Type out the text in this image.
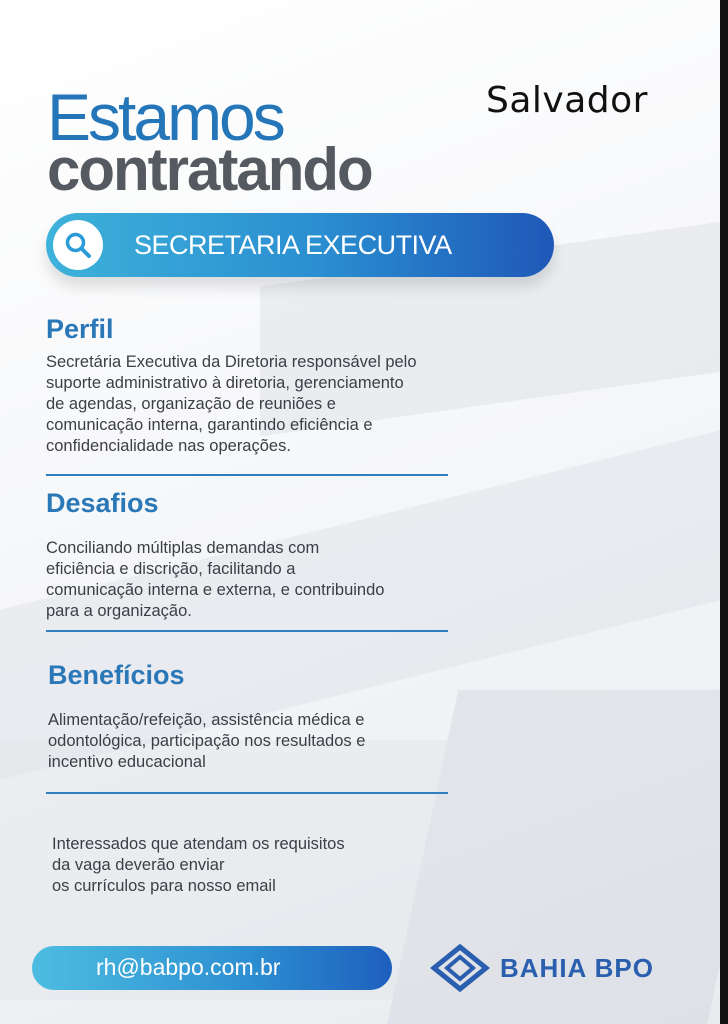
Salvador
Estamos
contratando
SECRETARIA EXECUTIVA
Perfil
Secretária Executiva da Diretoria responsável pelo
suporte administrativo à diretoria, gerenciamento
de agendas, organização de reuniões e
comunicação interna, garantindo eficiência e
confidencialidade nas operações.
Desafios
Conciliando múltiplas demandas com
eficiência e discrição, facilitando a
comunicação interna e externa, e contribuindo
para a organização.
Benefícios
Alimentação/refeição, assistência médica e
odontológica, participação nos resultados e
incentivo educacional
Interessados que atendam os requisitos
da vaga deverão enviar
os currículos para nosso email
rh@babpo.com.br	BAHIA BPO
